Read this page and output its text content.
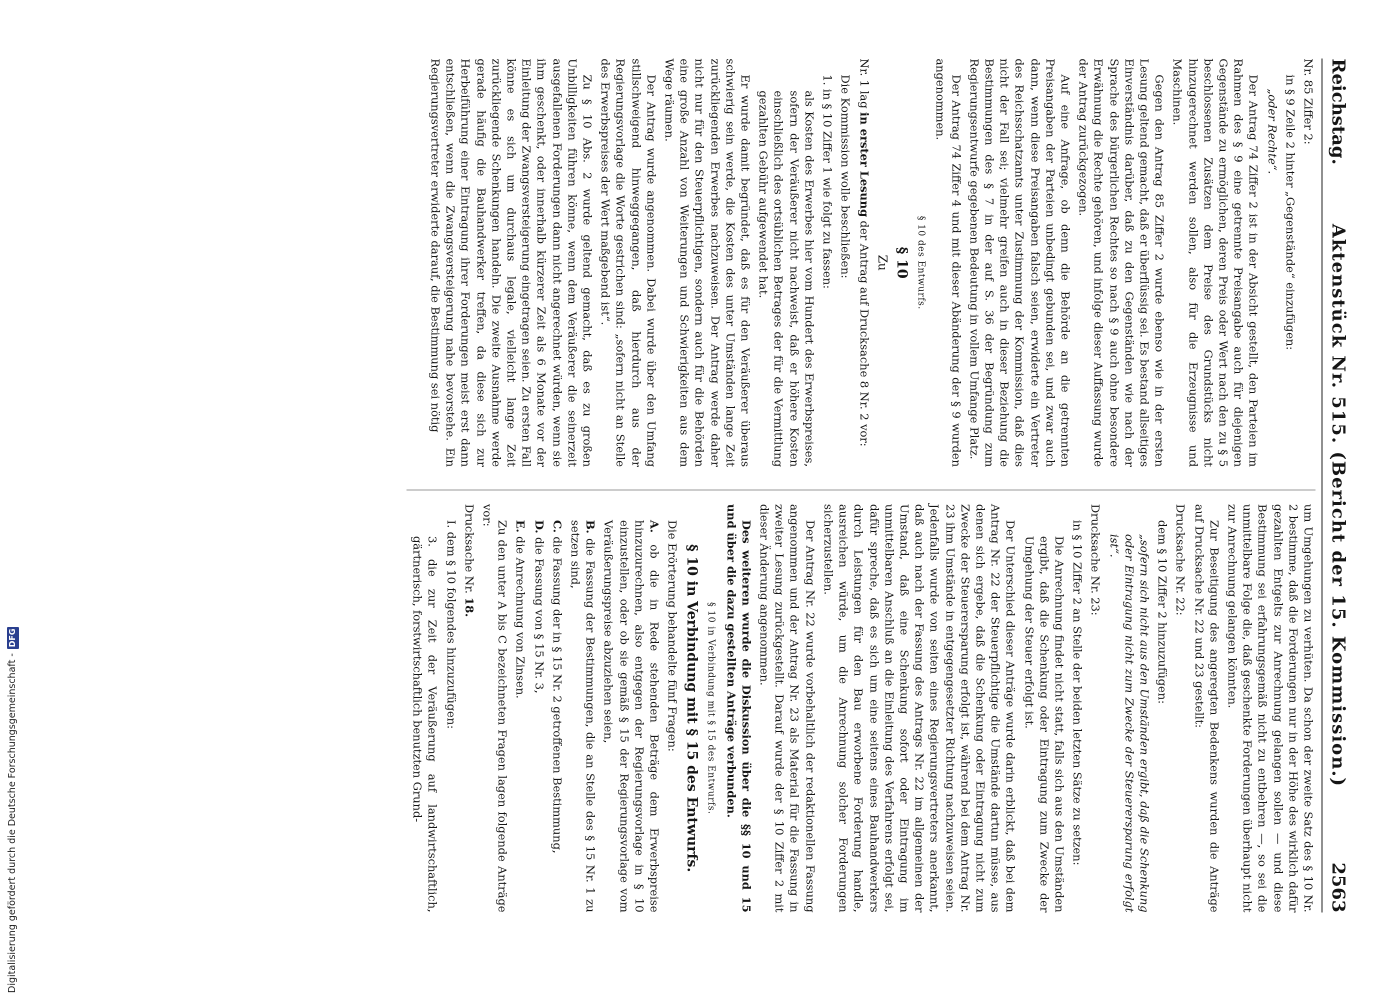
Reichstag.
Aktenstück Nr. 515. (Bericht der 15. Kommission.)
2563

Nr. 85 Ziffer 2:

in § 9 Zeile 2 hinter „Gegenstände“ einzufügen:

„oder Rechte“.

Der Antrag 74 Ziffer 2 ist in der Absicht gestellt, den Parteien im Rahmen des § 9 eine getrennte Preisangabe auch für diejenigen Gegenstände zu ermöglichen, deren Preis oder Wert nach den zu § 5 beschlossenen Zusätzen dem Preise des Grundstücks nicht hinzugerechnet werden sollen, also für die Erzeugnisse und Maschinen.

Gegen den Antrag 85 Ziffer 2 wurde ebenso wie in der ersten Lesung geltend gemacht, daß er überflüssig sei. Es bestand allseitiges Einverständnis darüber, daß zu den Gegenständen wie nach der Sprache des bürgerlichen Rechtes so nach § 9 auch ohne besondere Erwähnung die Rechte gehören, und infolge dieser Auffassung wurde der Antrag zurückgezogen.

Auf eine Anfrage, ob denn die Behörde an die getrennten Preisangaben der Parteien unbedingt gebunden sei, und zwar auch dann, wenn diese Preisangaben falsch seien, erwiderte ein Vertreter des Reichsschatzamts unter Zustimmung der Kommission, daß dies nicht der Fall sei; vielmehr greifen auch in dieser Beziehung die Bestimmungen des § 7 in der auf S. 36 der Begründung zum Regierungsentwurfe gegebenen Bedeutung in vollem Umfange Platz.

Der Antrag 74 Ziffer 4 und mit dieser Abänderung der § 9 wurden angenommen.

§ 10 des Entwurfs.
§ 10
Zu

Nr. 1 lag in erster Lesung der Antrag auf Drucksache 8 Nr. 2 vor:

Die Kommission wolle beschließen:

1. in § 10 Ziffer 1 wie folgt zu fassen:

als Kosten des Erwerbes hier vom Hundert des Erwerbspreises, sofern der Veräußerer nicht nachweist, daß er höhere Kosten einschließlich des ortsüblichen Betrages der für die Vermittlung gezahlten Gebühr aufgewendet hat.

Er wurde damit begründet, daß es für den Veräußerer überaus schwierig sein werde, die Kosten des unter Umständen lange Zeit zurückliegenden Erwerbes nachzuweisen. Der Antrag werde daher nicht nur für den Steuerpflichtigen, sondern auch für die Behörden eine große Anzahl von Weiterungen und Schwierigkeiten aus dem Wege räumen.

Der Antrag wurde angenommen. Dabei wurde über den Umfang stillschweigend hinweggegangen, daß hierdurch aus der Regierungsvorlage die Worte gestrichen sind: „sofern nicht an Stelle des Erwerbspreises der Wert maßgebend ist“.

Zu § 10 Abs. 2 wurde geltend gemacht, daß es zu großen Unbilligkeiten führen könne, wenn dem Veräußerer die seinerzeit ausgefallenen Forderungen dann nicht angerechnet würden, wenn sie ihm geschenkt, oder innerhalb kürzerer Zeit als 6 Monate vor der Einleitung der Zwangsversteigerung eingetragen seien. Zu ersten Fall könne es sich um durchaus legale, vielleicht lange Zeit zurückliegende Schenkungen handeln. Die zweite Ausnahme werde gerade häufig die Bauhandwerker treffen, da diese sich zur Herbeiführung einer Eintragung ihrer Forderungen meist erst dann entschließen, wenn die Zwangsversteigerung nahe bevorstehe. Ein Regierungsvertreter erwiderte darauf, die Bestimmung sei nötig

um Umgehungen zu verhüten. Da schon der zweite Satz des § 10 Nr. 2 bestimme, daß die Forderungen nur in der Höhe des wirklich dafür gezahlten Entgelts zur Anrechnung gelangen sollen — und diese Bestimmung sei erfahrungsgemäß nicht zu entbehren —, so sei die unmittelbare Folge die, daß geschenkte Forderungen überhaupt nicht zur Anrechnung gelangen könnten.

Zur Beseitigung des angeregten Bedenkens wurden die Anträge auf Drucksache Nr. 22 und 23 gestellt:

Drucksache Nr. 22:

dem § 10 Ziffer 2 hinzuzufügen:

„sofern sich nicht aus den Umständen ergibt, daß die Schenkung oder Eintragung nicht zum Zwecke der Steuerersparung erfolgt ist“.

Drucksache Nr. 23:

in § 10 Ziffer 2 an Stelle der beiden letzten Sätze zu setzen:

Die Anrechnung findet nicht statt, falls sich aus den Umständen ergibt, daß die Schenkung oder Eintragung zum Zwecke der Umgehung der Steuer erfolgt ist.

Der Unterschied dieser Anträge wurde darin erblickt, daß bei dem Antrag Nr. 22 der Steuerpflichtige die Umstände dartun müsse, aus denen sich ergebe, daß die Schenkung oder Eintragung nicht zum Zwecke der Steuerersparung erfolgt ist, während bei dem Antrag Nr. 23 ihm Umstände in entgegengesetzter Richtung nachzuweisen seien. Jedenfalls wurde von seiten eines Regierungsvertreters anerkannt, daß auch nach der Fassung des Antrags Nr. 22 im allgemeinen der Umstand, daß eine Schenkung sofort oder Eintragung im unmittelbaren Anschluß an die Einleitung des Verfahrens erfolgt sei, dafür spreche, daß es sich um eine seitens eines Bauhandwerkers durch Leistungen für den Bau erworbene Forderung handle, ausreichen würde, um die Anrechnung solcher Forderungen sicherzustellen.

Der Antrag Nr. 22 wurde vorbehaltlich der redaktionellen Fassung angenommen und der Antrag Nr. 23 als Material für die Fassung in zweiter Lesung zurückgestellt. Darauf wurde der § 10 Ziffer 2 mit dieser Änderung angenommen.

Des weiteren wurde die Diskussion über die §§ 10 und 15 und über die dazu gestellten Anträge verbunden.

§ 10 in Verbindung mit § 15 des Entwurfs.
§ 10 in Verbindung mit § 15 des Entwurfs.

Die Erörterung behandelte fünf Fragen:

A. ob die in Rede stehenden Beträge dem Erwerbspreise hinzuzurechnen, also entgegen der Regierungsvorlage in § 10 einzustellen, oder ob sie gemäß § 15 der Regierungsvorlage vom Veräußerungspreise abzuziehen seien,

B. die Fassung der Bestimmungen, die an Stelle des § 15 Nr. 1 zu setzen sind,

C. die Fassung der in § 15 Nr. 2 getroffenen Bestimmung,

D. die Fassung von § 15 Nr. 3,

E. die Anrechnung von Zinsen.

Zu den unter A bis C bezeichneten Fragen lagen folgende Anträge vor:

Drucksache Nr. 18.

I. dem § 10 folgendes hinzuzufügen:

3. die zur Zeit der Veräußerung auf landwirtschaftlich, gärtnerisch, forstwirtschaftlich benutzten Grund-

Digitalisierung gefördert durch die Deutsche Forschungsgemeinschaft -
DFG
